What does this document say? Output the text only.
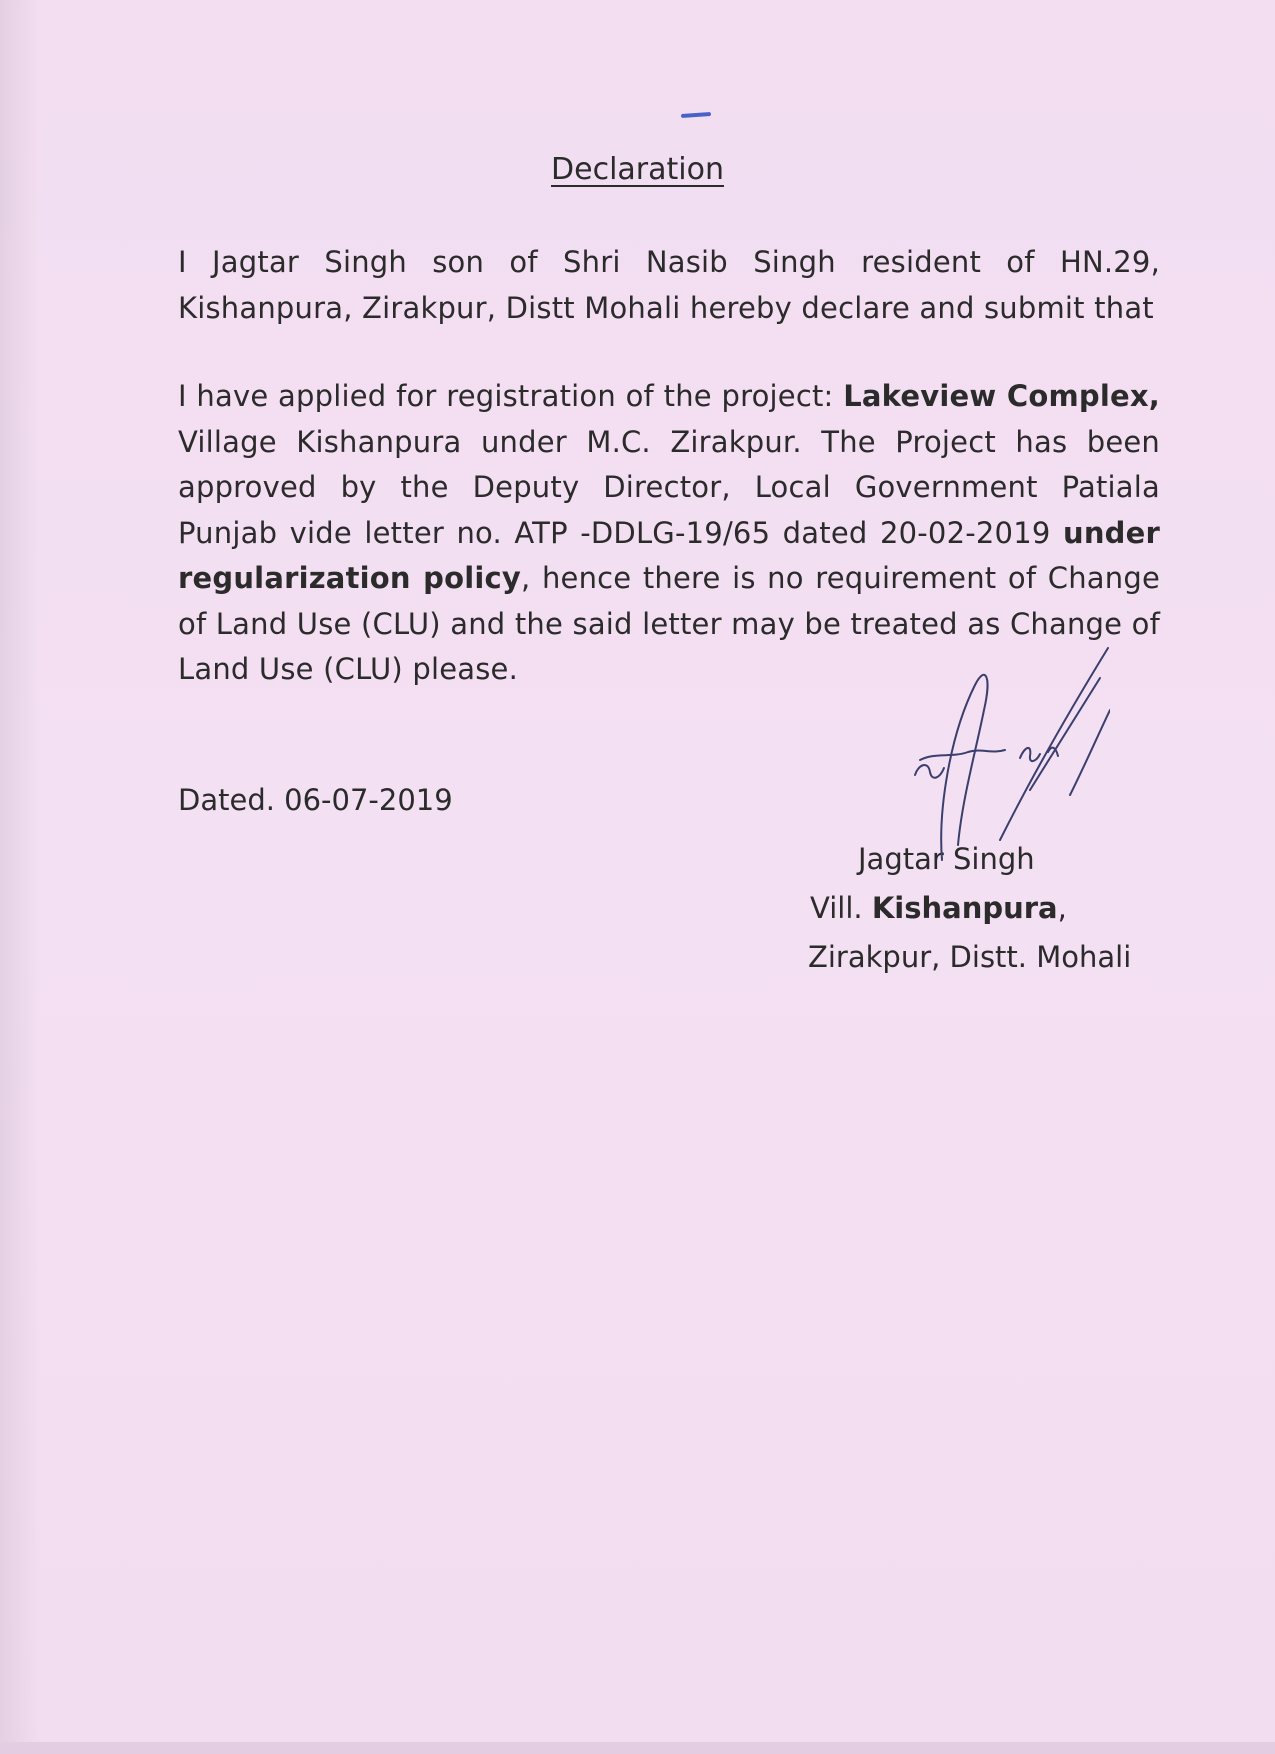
Declaration

I Jagtar Singh son of Shri Nasib Singh resident of HN.29, Kishanpura, Zirakpur, Distt Mohali hereby declare and submit that

I have applied for registration of the project: Lakeview Complex, Village Kishanpura under M.C. Zirakpur. The Project has been approved by the Deputy Director, Local Government Patiala Punjab vide letter no. ATP -DDLG-19/65 dated 20-02-2019 under regularization policy, hence there is no requirement of Change of Land Use (CLU) and the said letter may be treated as Change of Land Use (CLU) please.

Dated. 06-07-2019
Jagtar Singh
Vill. Kishanpura,
Zirakpur, Distt. Mohali
